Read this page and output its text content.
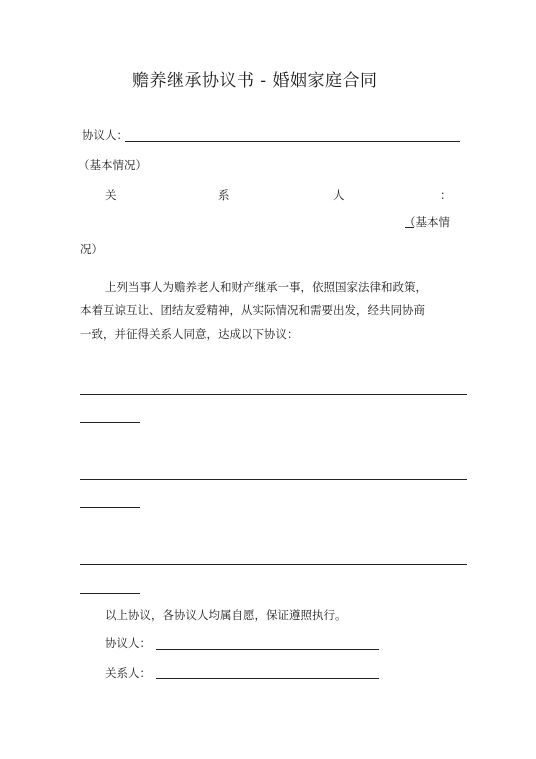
赡养继承协议书 - 婚姻家庭合同
协议人：
（基本情况）
关	系	人	：
（基本情
况）
上列当事人为赡养老人和财产继承一事，依照国家法律和政策，
本着互谅互让、团结友爱精神，从实际情况和需要出发，经共同协商
一致，并征得关系人同意，达成以下协议：
以上协议，各协议人均属自愿，保证遵照执行。
协议人：
关系人：
